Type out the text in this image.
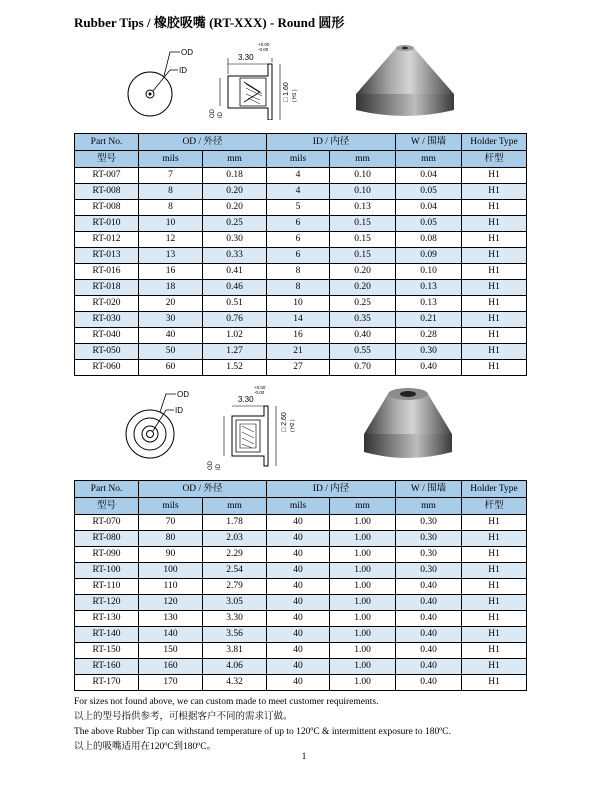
Rubber Tips / 橡胶吸嘴 (RT-XXX) - Round 圆形
OD
ID
3.30
+0.00
-0.00
□ 1.60 ( H1 )
OD ID
Part No.	OD / 外径		ID / 内径		W / 围墙	Holder Type
型号	mils	mm	mils	mm	mm	杆型
RT-007	7	0.18	4	0.10	0.04	H1
RT-008	8	0.20	4	0.10	0.05	H1
RT-008	8	0.20	5	0.13	0.04	H1
RT-010	10	0.25	6	0.15	0.05	H1
RT-012	12	0.30	6	0.15	0.08	H1
RT-013	13	0.33	6	0.15	0.09	H1
RT-016	16	0.41	8	0.20	0.10	H1
RT-018	18	0.46	8	0.20	0.13	H1
RT-020	20	0.51	10	0.25	0.13	H1
RT-030	30	0.76	14	0.35	0.21	H1
RT-040	40	1.02	16	0.40	0.28	H1
RT-050	50	1.27	21	0.55	0.30	H1
RT-060	60	1.52	27	0.70	0.40	H1
OD
ID
3.30
+0.00
-0.00
□ 2.60 ( H2 )
OD ID
Part No.	OD / 外径		ID / 内径		W / 围墙	Holder Type
型号	mils	mm	mils	mm	mm	杆型
RT-070	70	1.78	40	1.00	0.30	H1
RT-080	80	2.03	40	1.00	0.30	H1
RT-090	90	2.29	40	1.00	0.30	H1
RT-100	100	2.54	40	1.00	0.30	H1
RT-110	110	2.79	40	1.00	0.40	H1
RT-120	120	3.05	40	1.00	0.40	H1
RT-130	130	3.30	40	1.00	0.40	H1
RT-140	140	3.56	40	1.00	0.40	H1
RT-150	150	3.81	40	1.00	0.40	H1
RT-160	160	4.06	40	1.00	0.40	H1
RT-170	170	4.32	40	1.00	0.40	H1
For sizes not found above, we can custom made to meet customer requirements.
以上的型号指供参考，可根据客户不同的需求订做。
The above Rubber Tip can withstand temperature of up to 120ºC & intermittent exposure to 180ºC.
以上的吸嘴适用在120ºC到180ºC。
1
